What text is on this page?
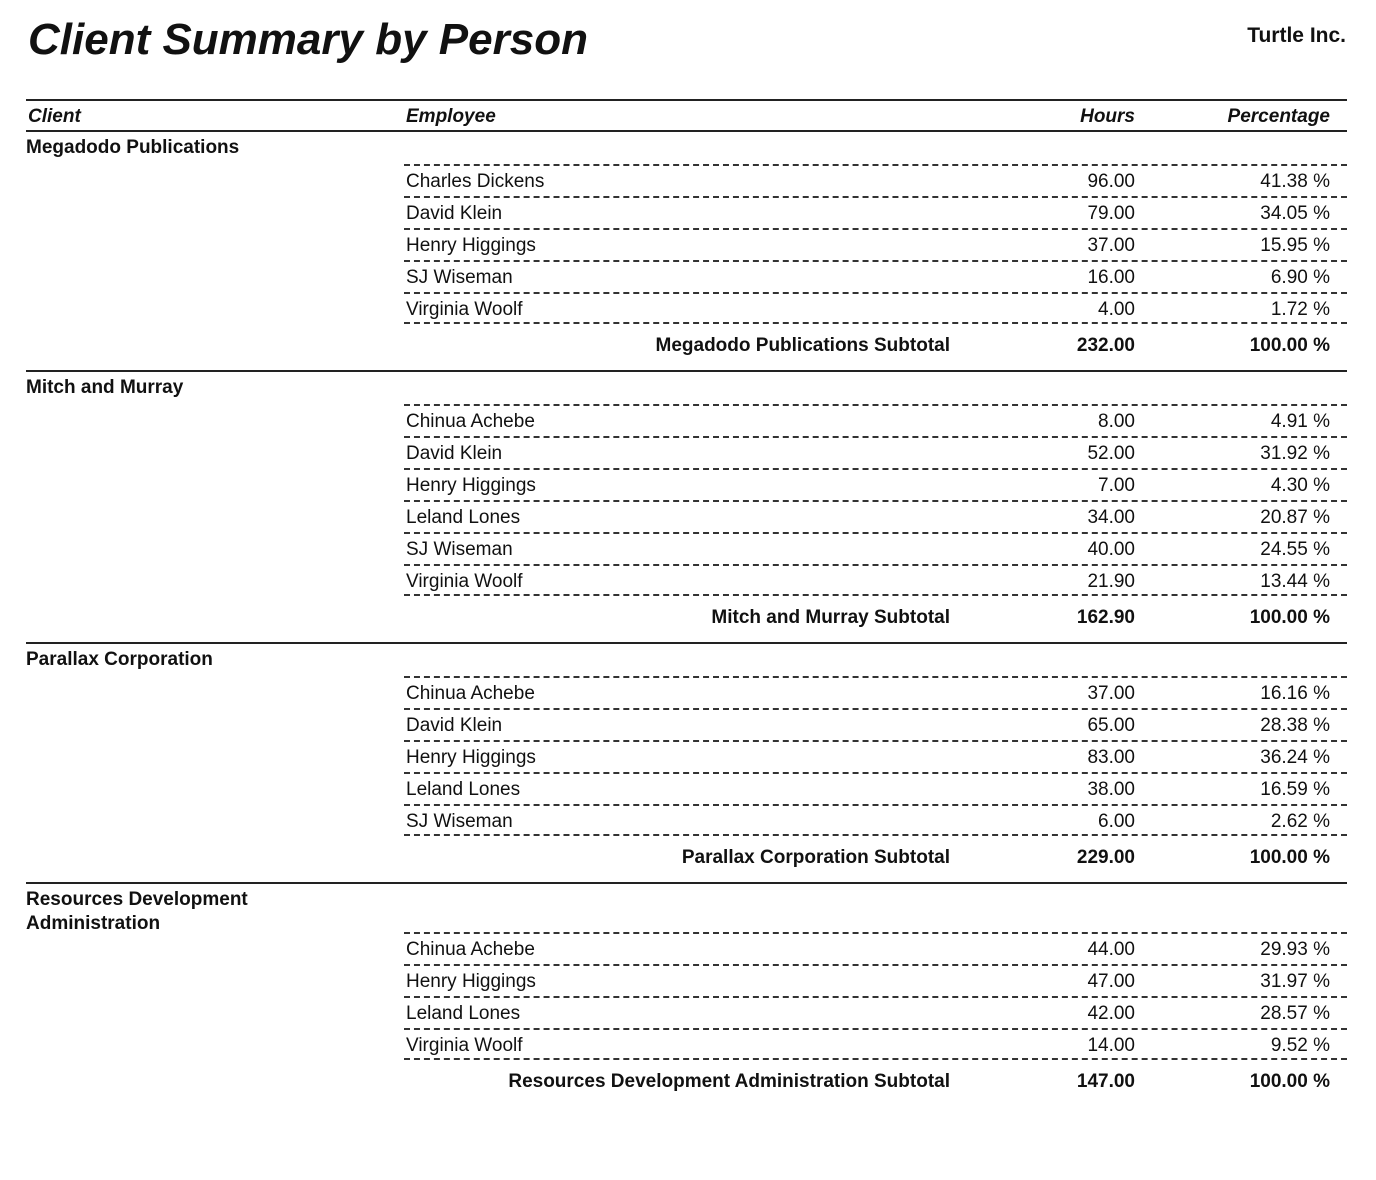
Client Summary by Person	Turtle Inc.
Client	Employee	Hours	Percentage
Megadodo Publications
Charles Dickens	96.00	41.38 %
David Klein	79.00	34.05 %
Henry Higgings	37.00	15.95 %
SJ Wiseman	16.00	6.90 %
Virginia Woolf	4.00	1.72 %
Megadodo Publications Subtotal	232.00	100.00 %
Mitch and Murray
Chinua Achebe	8.00	4.91 %
David Klein	52.00	31.92 %
Henry Higgings	7.00	4.30 %
Leland Lones	34.00	20.87 %
SJ Wiseman	40.00	24.55 %
Virginia Woolf	21.90	13.44 %
Mitch and Murray Subtotal	162.90	100.00 %
Parallax Corporation
Chinua Achebe	37.00	16.16 %
David Klein	65.00	28.38 %
Henry Higgings	83.00	36.24 %
Leland Lones	38.00	16.59 %
SJ Wiseman	6.00	2.62 %
Parallax Corporation Subtotal	229.00	100.00 %
Resources Development Administration
Chinua Achebe	44.00	29.93 %
Henry Higgings	47.00	31.97 %
Leland Lones	42.00	28.57 %
Virginia Woolf	14.00	9.52 %
Resources Development Administration Subtotal	147.00	100.00 %
